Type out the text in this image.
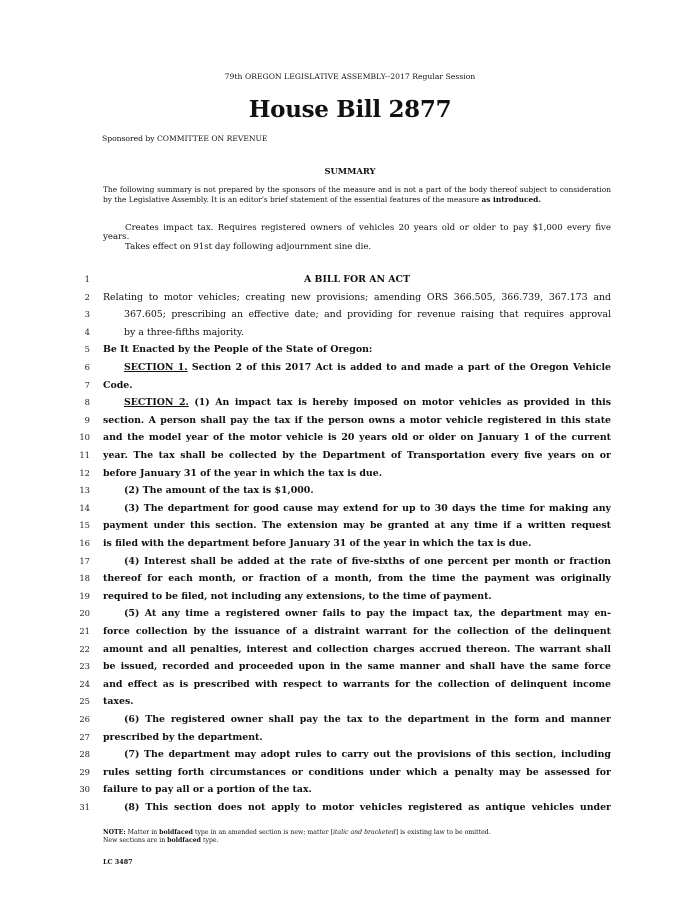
79th OREGON LEGISLATIVE ASSEMBLY--2017 Regular Session
House Bill 2877
Sponsored by COMMITTEE ON REVENUE
SUMMARY
The following summary is not prepared by the sponsors of the measure and is not a part of the body thereof subject to consideration by the Legislative Assembly. It is an editor's brief statement of the essential features of the measure as introduced.
Creates impact tax. Requires registered owners of vehicles 20 years old or older to pay $1,000 every five years.
Takes effect on 91st day following adjournment sine die.
1	A BILL FOR AN ACT
2 Relating to motor vehicles; creating new provisions; amending ORS 366.505, 366.739, 367.173 and
3	367.605; prescribing an effective date; and providing for revenue raising that requires approval
4	by a three-fifths majority.
5 Be It Enacted by the People of the State of Oregon:
6	SECTION 1. Section 2 of this 2017 Act is added to and made a part of the Oregon Vehicle
7 Code.
8	SECTION 2. (1) An impact tax is hereby imposed on motor vehicles as provided in this
9 section. A person shall pay the tax if the person owns a motor vehicle registered in this state
10 and the model year of the motor vehicle is 20 years old or older on January 1 of the current
11 year. The tax shall be collected by the Department of Transportation every five years on or
12 before January 31 of the year in which the tax is due.
13	(2) The amount of the tax is $1,000.
14	(3) The department for good cause may extend for up to 30 days the time for making any
15 payment under this section. The extension may be granted at any time if a written request
16 is filed with the department before January 31 of the year in which the tax is due.
17	(4) Interest shall be added at the rate of five-sixths of one percent per month or fraction
18 thereof for each month, or fraction of a month, from the time the payment was originally
19 required to be filed, not including any extensions, to the time of payment.
20	(5) At any time a registered owner fails to pay the impact tax, the department may en-
21 force collection by the issuance of a distraint warrant for the collection of the delinquent
22 amount and all penalties, interest and collection charges accrued thereon. The warrant shall
23 be issued, recorded and proceeded upon in the same manner and shall have the same force
24 and effect as is prescribed with respect to warrants for the collection of delinquent income
25 taxes.
26	(6) The registered owner shall pay the tax to the department in the form and manner
27 prescribed by the department.
28	(7) The department may adopt rules to carry out the provisions of this section, including
29 rules setting forth circumstances or conditions under which a penalty may be assessed for
30 failure to pay all or a portion of the tax.
31	(8) This section does not apply to motor vehicles registered as antique vehicles under
NOTE: Matter in boldfaced type in an amended section is new; matter [italic and bracketed] is existing law to be omitted.
New sections are in boldfaced type.
LC 3487
